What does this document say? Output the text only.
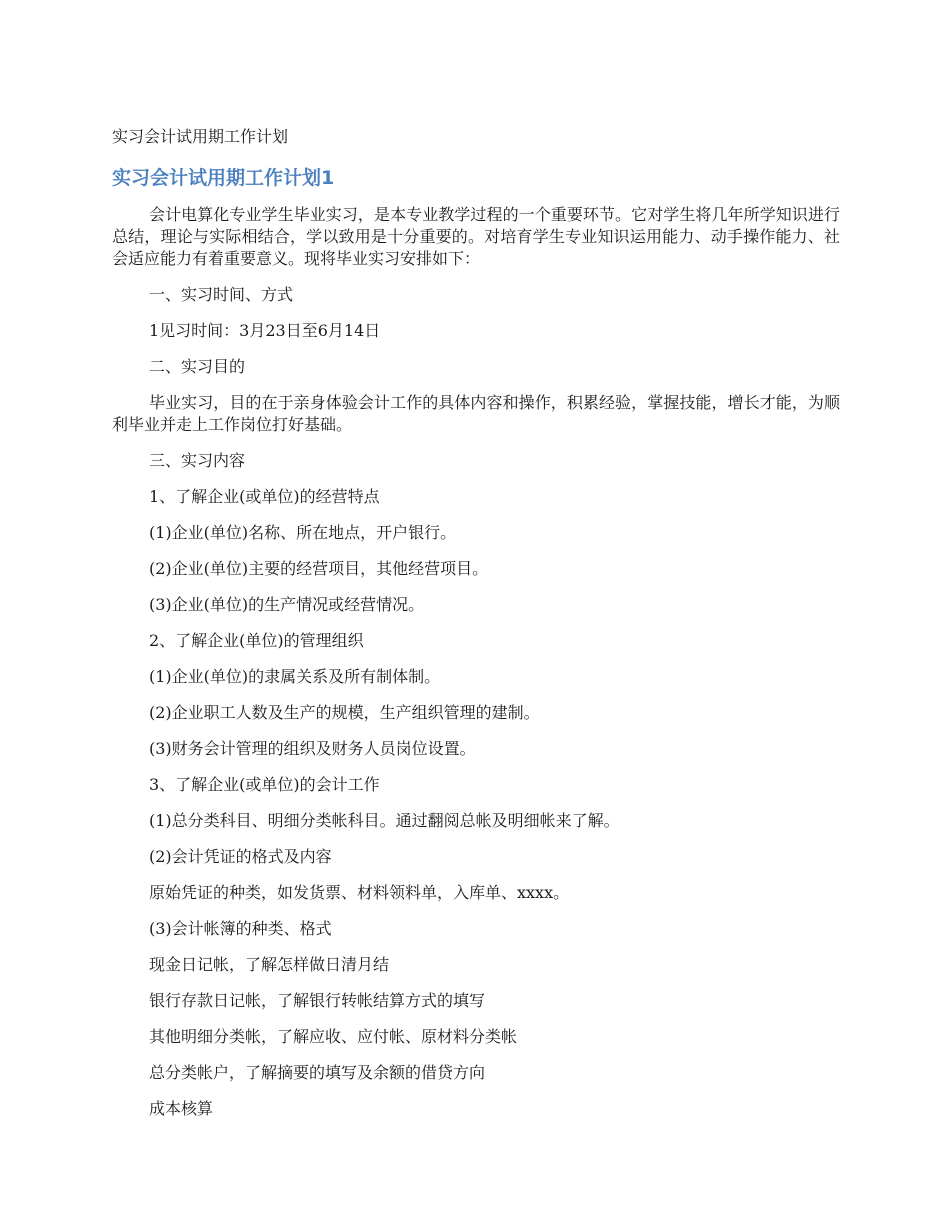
实习会计试用期工作计划
实习会计试用期工作计划1

会计电算化专业学生毕业实习，是本专业教学过程的一个重要环节。它对学生将几年所学知识进行总结，理论与实际相结合，学以致用是十分重要的。对培育学生专业知识运用能力、动手操作能力、社会适应能力有着重要意义。现将毕业实习安排如下：

一、实习时间、方式

1见习时间：3月23日至6月14日

二、实习目的

毕业实习，目的在于亲身体验会计工作的具体内容和操作，积累经验，掌握技能，增长才能，为顺利毕业并走上工作岗位打好基础。

三、实习内容

1、了解企业(或单位)的经营特点

(1)企业(单位)名称、所在地点，开户银行。

(2)企业(单位)主要的经营项目，其他经营项目。

(3)企业(单位)的生产情况或经营情况。

2、了解企业(单位)的管理组织

(1)企业(单位)的隶属关系及所有制体制。

(2)企业职工人数及生产的规模，生产组织管理的建制。

(3)财务会计管理的组织及财务人员岗位设置。

3、了解企业(或单位)的会计工作

(1)总分类科目、明细分类帐科目。通过翻阅总帐及明细帐来了解。

(2)会计凭证的格式及内容

原始凭证的种类，如发货票、材料领料单，入库单、xxxx。

(3)会计帐簿的种类、格式

现金日记帐，了解怎样做日清月结

银行存款日记帐，了解银行转帐结算方式的填写

其他明细分类帐，了解应收、应付帐、原材料分类帐

总分类帐户，了解摘要的填写及余额的借贷方向

成本核算
